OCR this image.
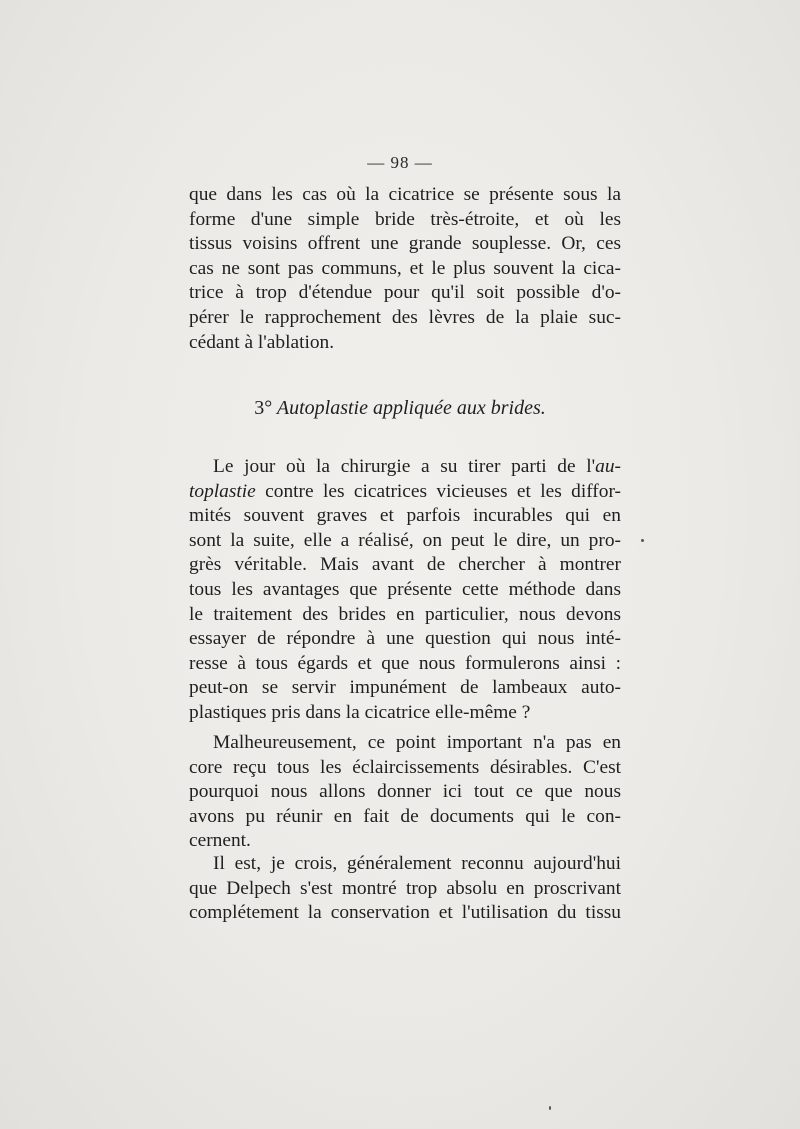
— 98 —
que dans les cas où la cicatrice se présente sous la
forme d'une simple bride très-étroite, et où les
tissus voisins offrent une grande souplesse. Or, ces
cas ne sont pas communs, et le plus souvent la cica-
trice à trop d'étendue pour qu'il soit possible d'o-
pérer le rapprochement des lèvres de la plaie suc-
cédant à l'ablation.
3° Autoplastie appliquée aux brides.
Le jour où la chirurgie a su tirer parti de l'au-
toplastie contre les cicatrices vicieuses et les diffor-
mités souvent graves et parfois incurables qui en
sont la suite, elle a réalisé, on peut le dire, un pro-
grès véritable. Mais avant de chercher à montrer
tous les avantages que présente cette méthode dans
le traitement des brides en particulier, nous devons
essayer de répondre à une question qui nous inté-
resse à tous égards et que nous formulerons ainsi :
peut-on se servir impunément de lambeaux auto-
plastiques pris dans la cicatrice elle-même ?
Malheureusement, ce point important n'a pas en
core reçu tous les éclaircissements désirables. C'est
pourquoi nous allons donner ici tout ce que nous
avons pu réunir en fait de documents qui le con-
cernent.
Il est, je crois, généralement reconnu aujourd'hui
que Delpech s'est montré trop absolu en proscrivant
complétement la conservation et l'utilisation du tissu
